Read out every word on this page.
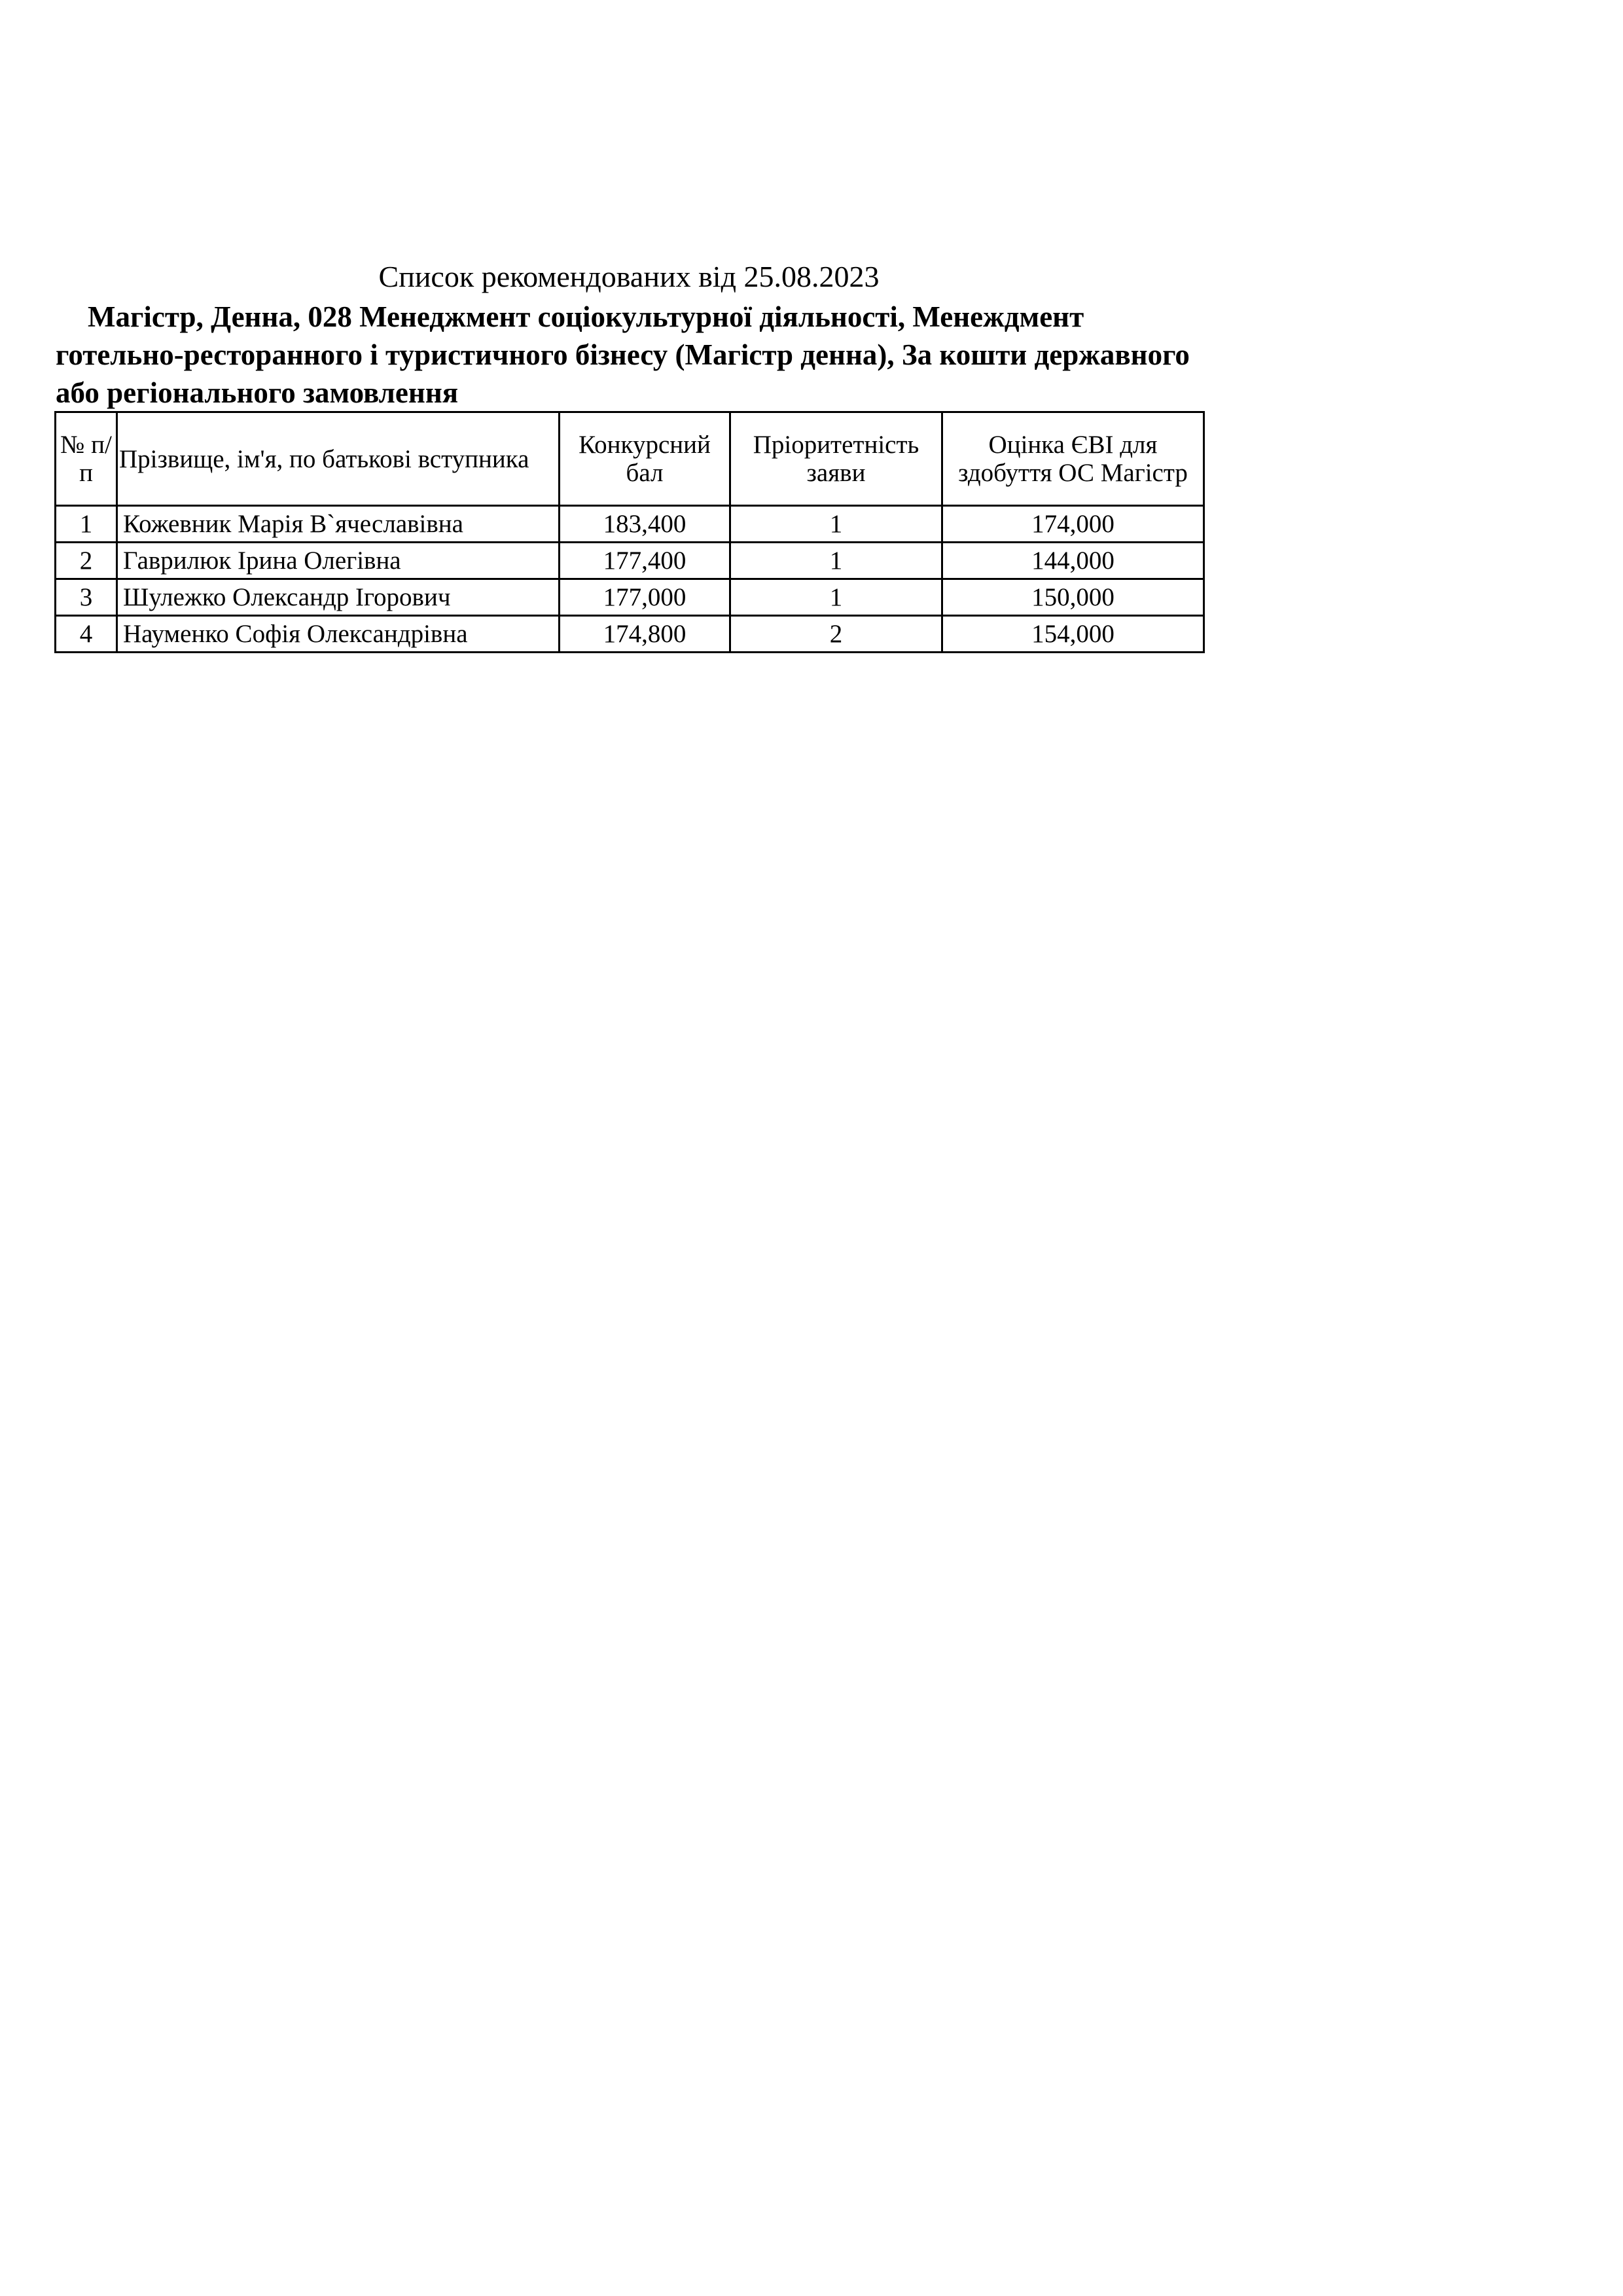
Список рекомендованих від 25.08.2023
Магістр, Денна, 028 Менеджмент соціокультурної діяльності, Менеждмент готельно-ресторанного і туристичного бізнесу (Магістр денна), За кошти державного або регіонального замовлення
№ п/п	Прізвище, ім'я, по батькові вступника	Конкурсний бал	Пріоритетність заяви	Оцінка ЄВІ для здобуття ОС Магістр
1	Кожевник Марія В`ячеславівна	183,400	1	174,000
2	Гаврилюк Ірина Олегівна	177,400	1	144,000
3	Шулежко Олександр Ігорович	177,000	1	150,000
4	Науменко Софія Олександрівна	174,800	2	154,000
